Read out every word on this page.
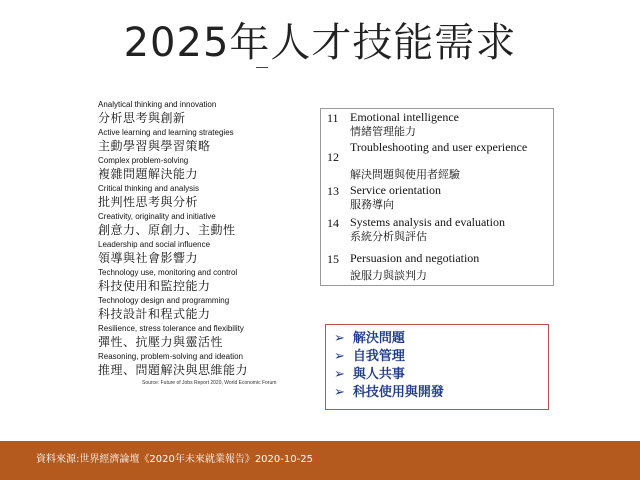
2025年人才技能需求
Analytical thinking and innovation
分析思考與創新
Active learning and learning strategies
主動學習與學習策略
Complex problem-solving
複雜問題解決能力
Critical thinking and analysis
批判性思考與分析
Creativity, originality and initiative
創意力、原創力、主動性
Leadership and social influence
領導與社會影響力
Technology use, monitoring and control
科技使用和監控能力
Technology design and programming
科技設計和程式能力
Resilience, stress tolerance and flexibility
彈性、抗壓力與靈活性
Reasoning, problem-solving and ideation
推理、問題解決與思維能力
Source: Future of Jobs Report 2020, World Economic Forum
11 Emotional intelligence
情緒管理能力
12
Troubleshooting and user experience
解決問題與使用者經驗
13 Service orientation
服務導向
14 Systems analysis and evaluation
系統分析與評估
15 Persuasion and negotiation
說服力與談判力
➢ 解決問題
➢ 自我管理
➢ 與人共事
➢ 科技使用與開發
資料來源:世界經濟論壇《2020年未來就業報告》2020-10-25
